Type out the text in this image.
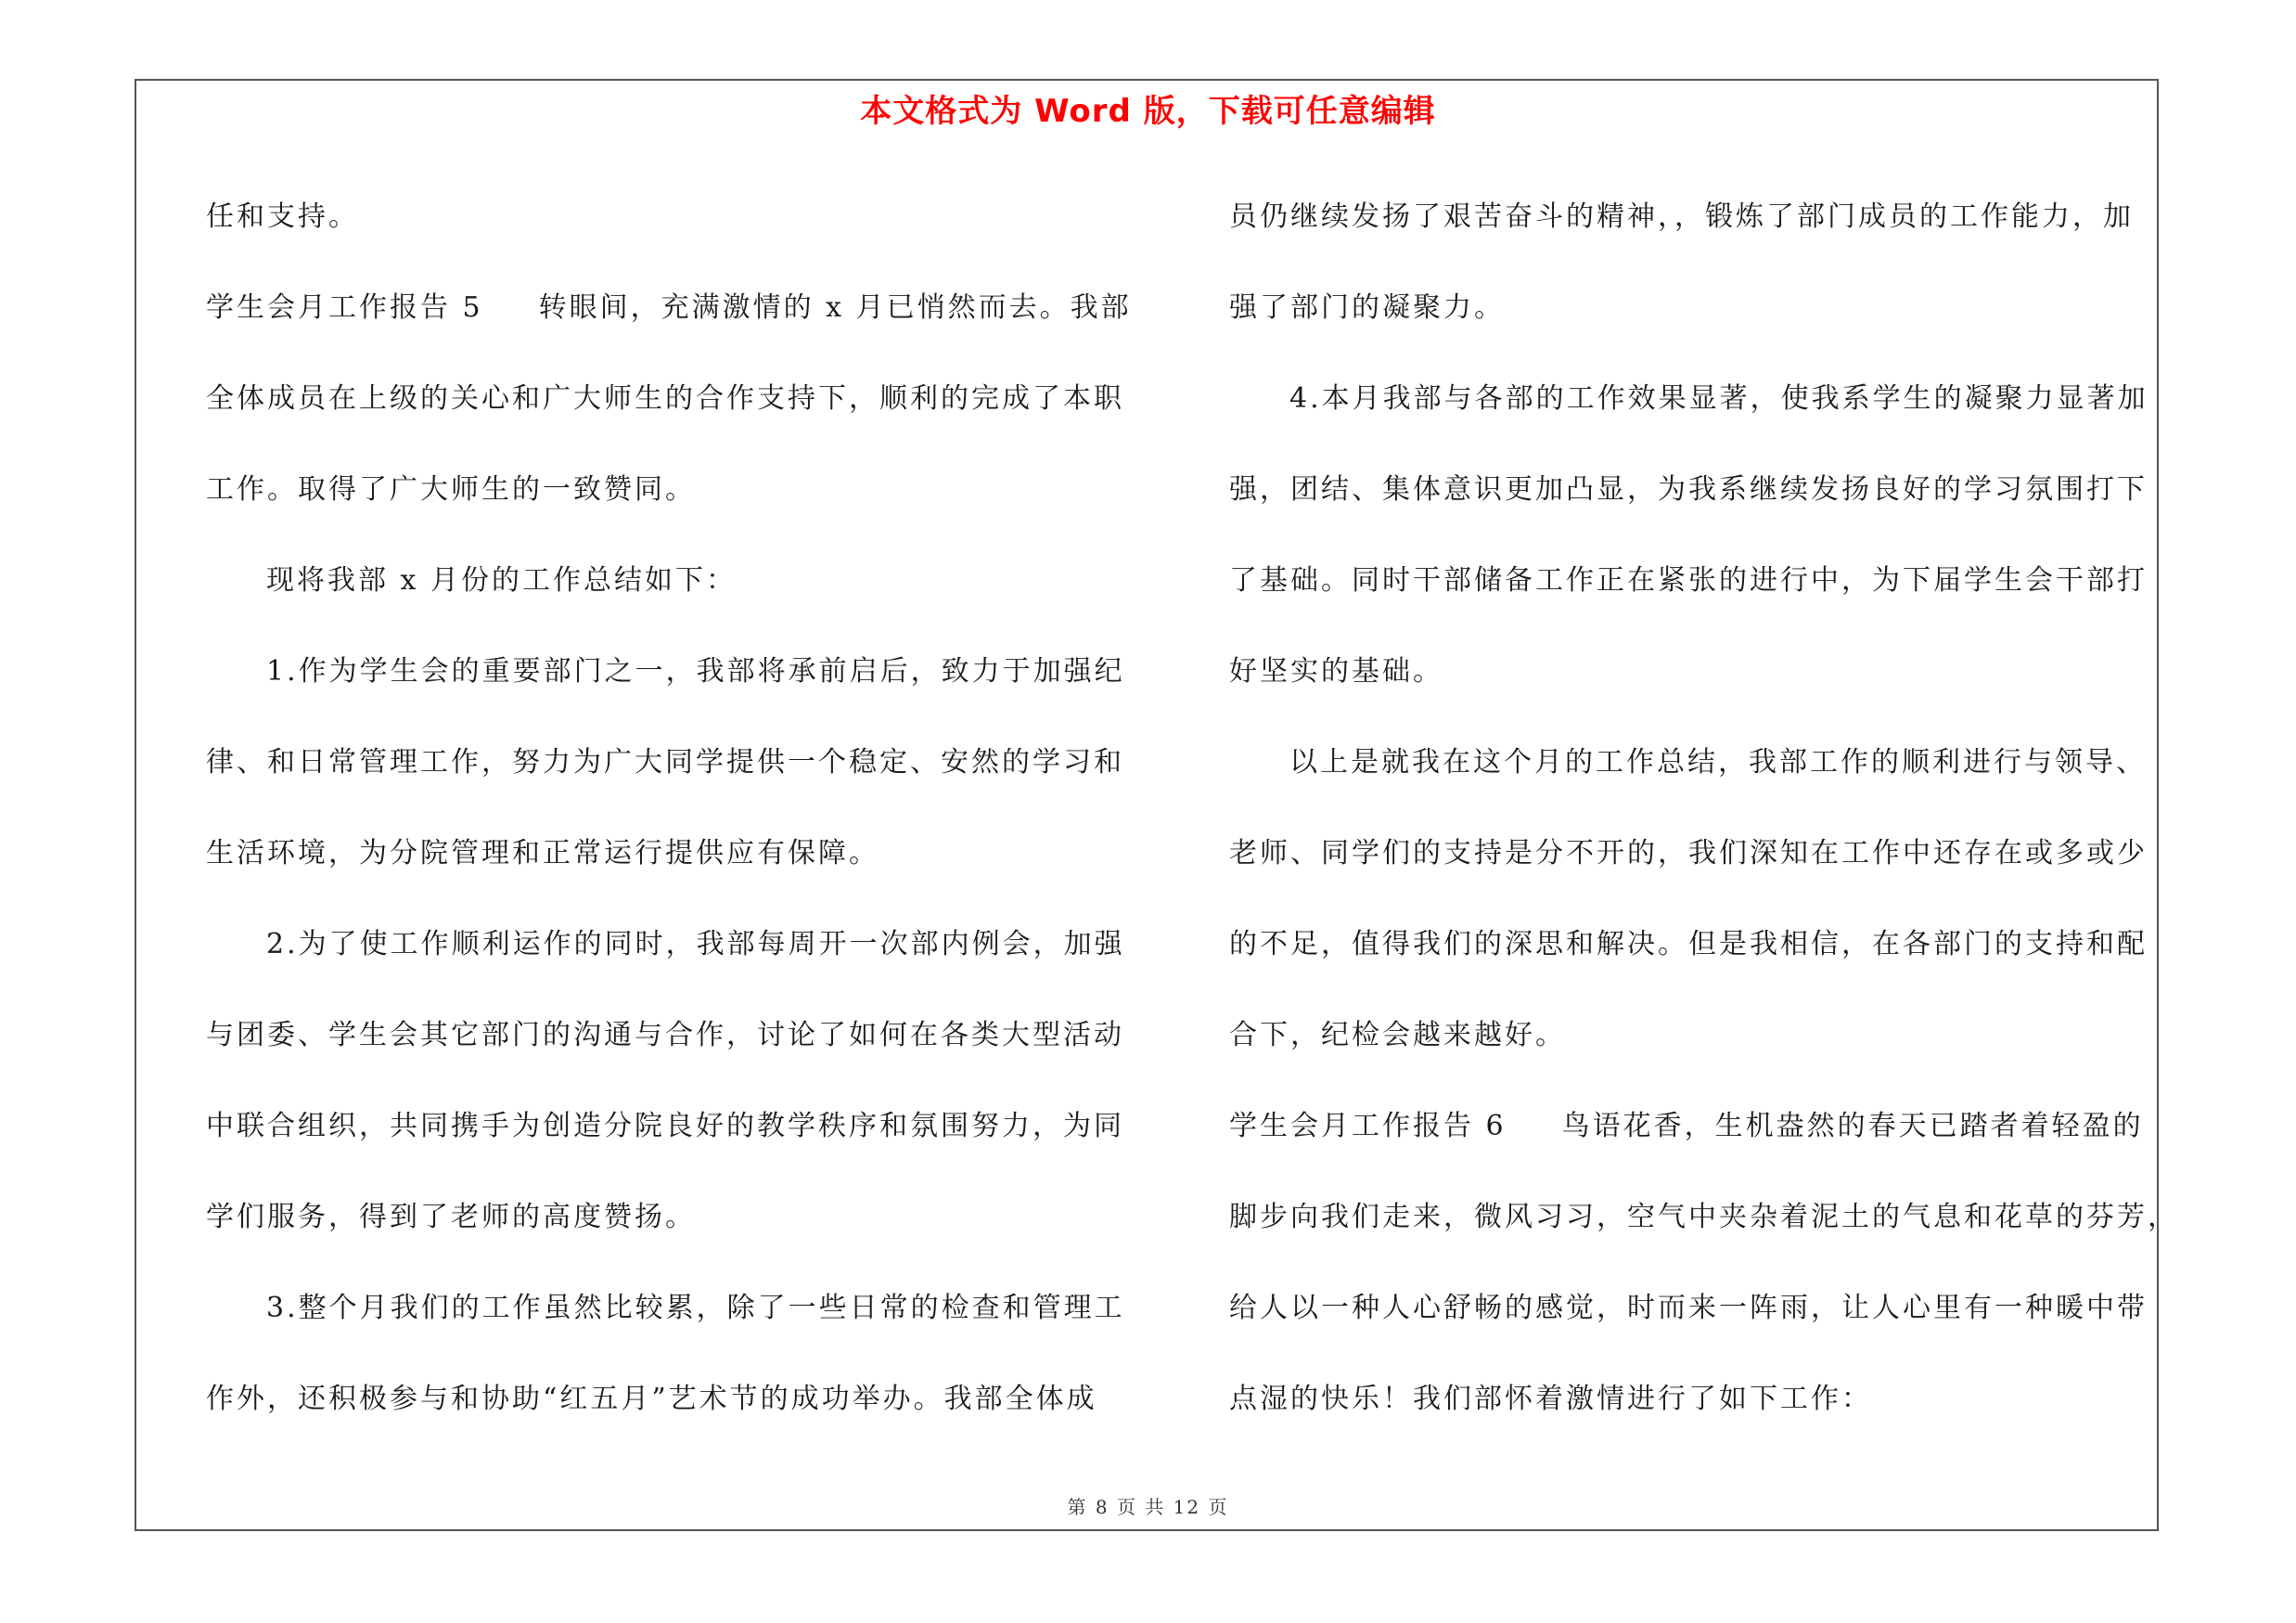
本文格式为 Word 版，下载可任意编辑
任和支持。
学生会月工作报告 5 转眼间，充满激情的 x 月已悄然而去。我部
全体成员在上级的关心和广大师生的合作支持下，顺利的完成了本职
工作。取得了广大师生的一致赞同。
现将我部 x 月份的工作总结如下：
1.作为学生会的重要部门之一，我部将承前启后，致力于加强纪
律、和日常管理工作，努力为广大同学提供一个稳定、安然的学习和
生活环境，为分院管理和正常运行提供应有保障。
2.为了使工作顺利运作的同时，我部每周开一次部内例会，加强
与团委、学生会其它部门的沟通与合作，讨论了如何在各类大型活动
中联合组织，共同携手为创造分院良好的教学秩序和氛围努力，为同
学们服务，得到了老师的高度赞扬。
3.整个月我们的工作虽然比较累，除了一些日常的检查和管理工
作外，还积极参与和协助“红五月”艺术节的成功举办。我部全体成
员仍继续发扬了艰苦奋斗的精神，，锻炼了部门成员的工作能力，加
强了部门的凝聚力。
4.本月我部与各部的工作效果显著，使我系学生的凝聚力显著加
强，团结、集体意识更加凸显，为我系继续发扬良好的学习氛围打下
了基础。同时干部储备工作正在紧张的进行中，为下届学生会干部打
好坚实的基础。
以上是就我在这个月的工作总结，我部工作的顺利进行与领导、
老师、同学们的支持是分不开的，我们深知在工作中还存在或多或少
的不足，值得我们的深思和解决。但是我相信，在各部门的支持和配
合下，纪检会越来越好。
学生会月工作报告 6 鸟语花香，生机盎然的春天已踏者着轻盈的
脚步向我们走来，微风习习，空气中夹杂着泥土的气息和花草的芬芳，
给人以一种人心舒畅的感觉，时而来一阵雨，让人心里有一种暖中带
点湿的快乐！我们部怀着激情进行了如下工作：
第 8 页 共 12 页
